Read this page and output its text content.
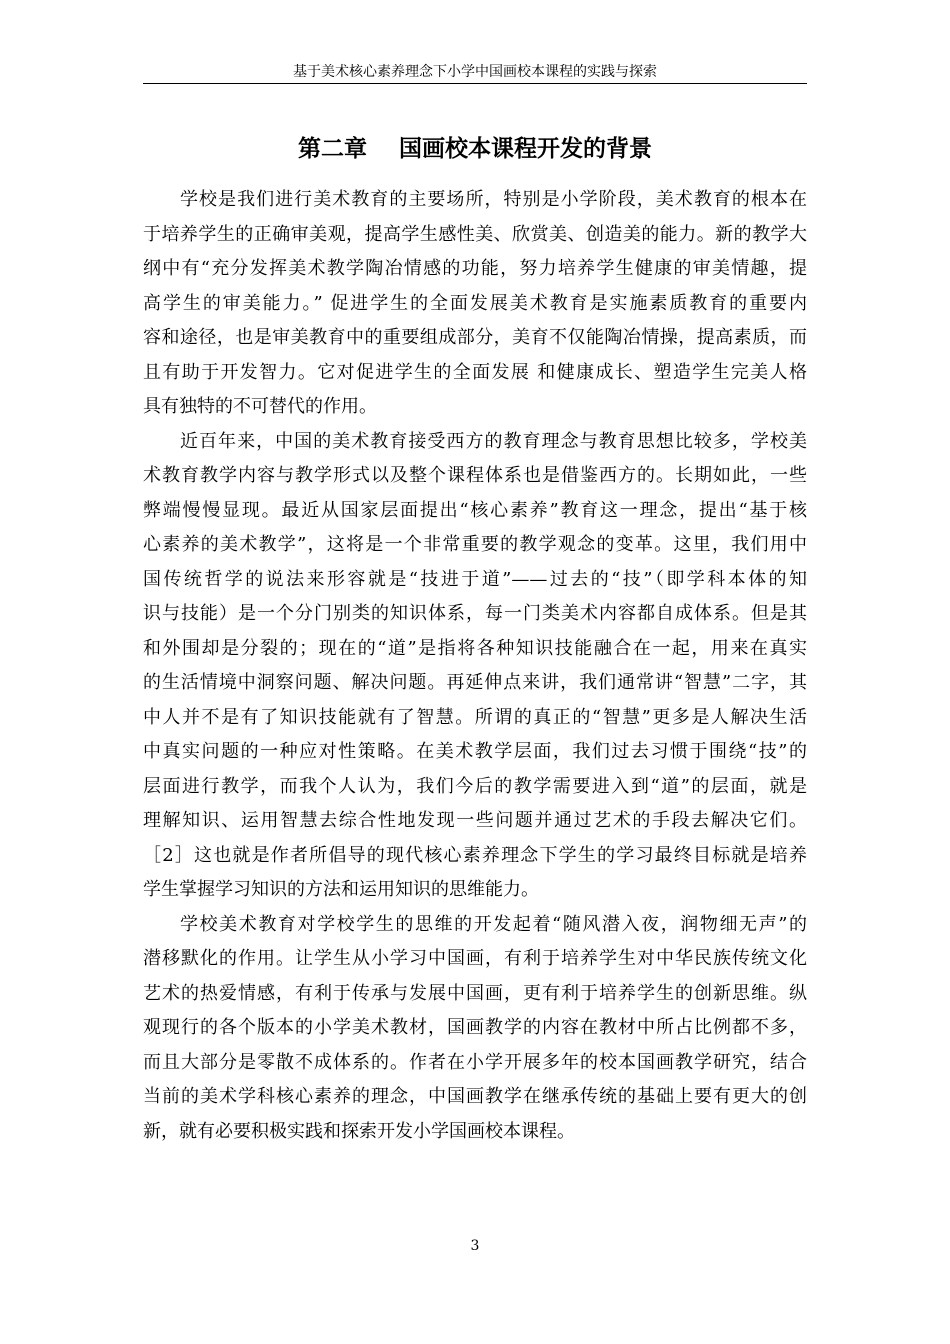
基于美术核心素养理念下小学中国画校本课程的实践与探索
第二章    国画校本课程开发的背景
学校是我们进行美术教育的主要场所，特别是小学阶段，美术教育的根本在
于培养学生的正确审美观，提高学生感性美、欣赏美、创造美的能力。新的教学大
纲中有“充分发挥美术教学陶冶情感的功能，努力培养学生健康的审美情趣，提
高学生的审美能力。” 促进学生的全面发展美术教育是实施素质教育的重要内
容和途径，也是审美教育中的重要组成部分，美育不仅能陶冶情操，提高素质，而
且有助于开发智力。它对促进学生的全面发展 和健康成长、塑造学生完美人格
具有独特的不可替代的作用。
近百年来，中国的美术教育接受西方的教育理念与教育思想比较多，学校美
术教育教学内容与教学形式以及整个课程体系也是借鉴西方的。长期如此，一些
弊端慢慢显现。最近从国家层面提出“核心素养”教育这一理念，提出“基于核
心素养的美术教学”，这将是一个非常重要的教学观念的变革。这里，我们用中
国传统哲学的说法来形容就是“技进于道”——过去的“技”（即学科本体的知
识与技能）是一个分门别类的知识体系，每一门类美术内容都自成体系。但是其
和外围却是分裂的；现在的“道”是指将各种知识技能融合在一起，用来在真实
的生活情境中洞察问题、解决问题。再延伸点来讲，我们通常讲“智慧”二字，其
中人并不是有了知识技能就有了智慧。所谓的真正的“智慧”更多是人解决生活
中真实问题的一种应对性策略。在美术教学层面，我们过去习惯于围绕“技”的
层面进行教学，而我个人认为，我们今后的教学需要进入到“道”的层面，就是
理解知识、运用智慧去综合性地发现一些问题并通过艺术的手段去解决它们。
［2］这也就是作者所倡导的现代核心素养理念下学生的学习最终目标就是培养
学生掌握学习知识的方法和运用知识的思维能力。
学校美术教育对学校学生的思维的开发起着“随风潜入夜，润物细无声”的
潜移默化的作用。让学生从小学习中国画，有利于培养学生对中华民族传统文化
艺术的热爱情感，有利于传承与发展中国画，更有利于培养学生的创新思维。纵
观现行的各个版本的小学美术教材，国画教学的内容在教材中所占比例都不多，
而且大部分是零散不成体系的。作者在小学开展多年的校本国画教学研究，结合
当前的美术学科核心素养的理念，中国画教学在继承传统的基础上要有更大的创
新，就有必要积极实践和探索开发小学国画校本课程。
3
